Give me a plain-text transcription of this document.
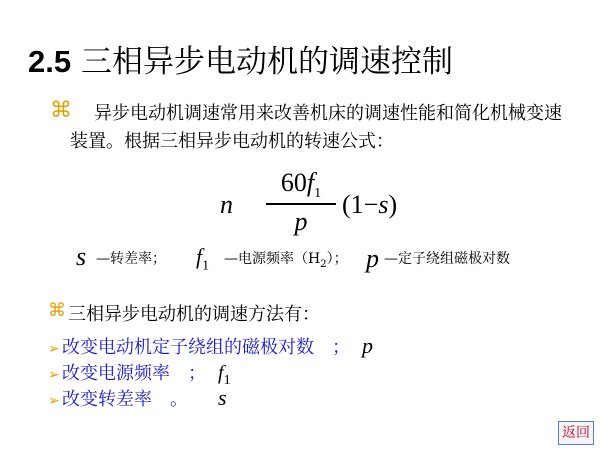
2.5 三相异步电动机的调速控制
⌘	异步电动机调速常用来改善机床的调速性能和简化机械变速装置。根据三相异步电动机的转速公式：
n
$60f_1$
p
(1−s)
s —转差率； $f_1$ —电源频率$(H_2)$； p —定子绕组磁极对数
⌘ 三相异步电动机的调速方法有：
➢ 改变电动机定子绕组的磁极对数　； p
➢ 改变电源频率　； $f_1$
➢ 改变转差率　。 s
返回
